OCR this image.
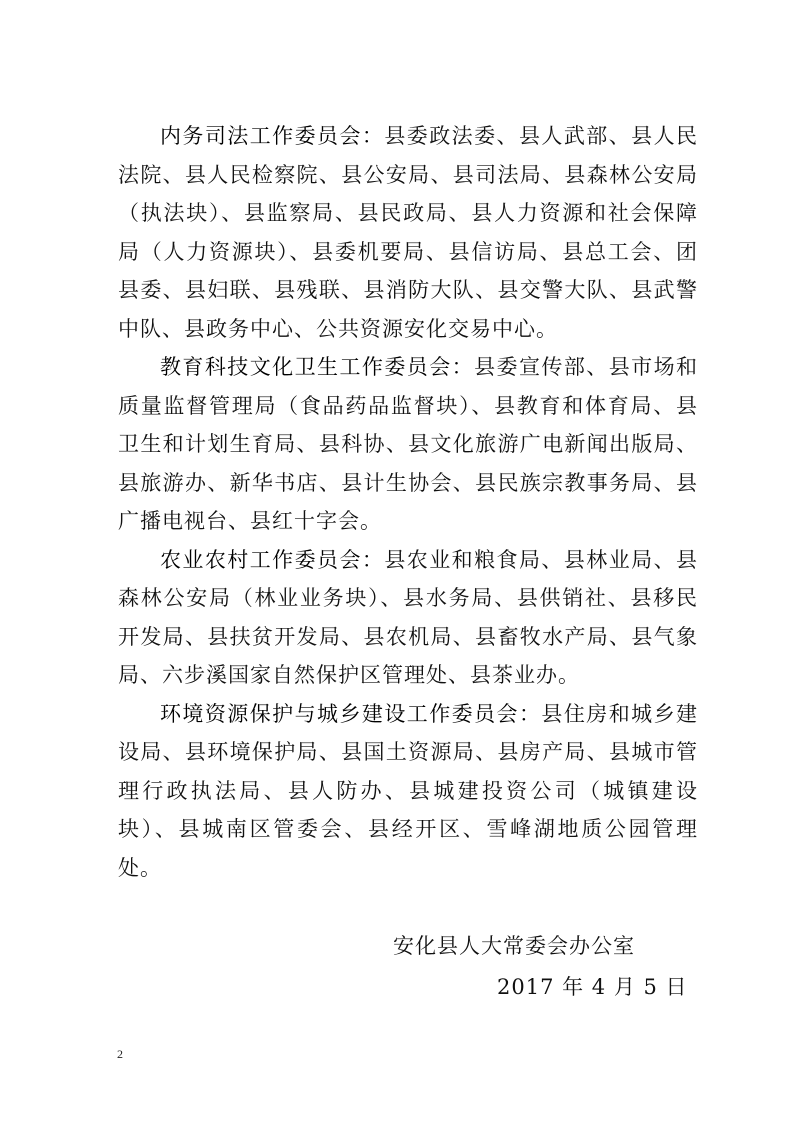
内务司法工作委员会：县委政法委、县人武部、县人民法院、县人民检察院、县公安局、县司法局、县森林公安局（执法块）、县监察局、县民政局、县人力资源和社会保障局（人力资源块）、县委机要局、县信访局、县总工会、团县委、县妇联、县残联、县消防大队、县交警大队、县武警中队、县政务中心、公共资源安化交易中心。

教育科技文化卫生工作委员会：县委宣传部、县市场和质量监督管理局（食品药品监督块）、县教育和体育局、县卫生和计划生育局、县科协、县文化旅游广电新闻出版局、县旅游办、新华书店、县计生协会、县民族宗教事务局、县广播电视台、县红十字会。

农业农村工作委员会：县农业和粮食局、县林业局、县森林公安局（林业业务块）、县水务局、县供销社、县移民开发局、县扶贫开发局、县农机局、县畜牧水产局、县气象局、六步溪国家自然保护区管理处、县茶业办。

环境资源保护与城乡建设工作委员会：县住房和城乡建设局、县环境保护局、县国土资源局、县房产局、县城市管理行政执法局、县人防办、县城建投资公司（城镇建设块）、县城南区管委会、县经开区、雪峰湖地质公园管理处。

安化县人大常委会办公室
2017 年 4 月 5 日
2
